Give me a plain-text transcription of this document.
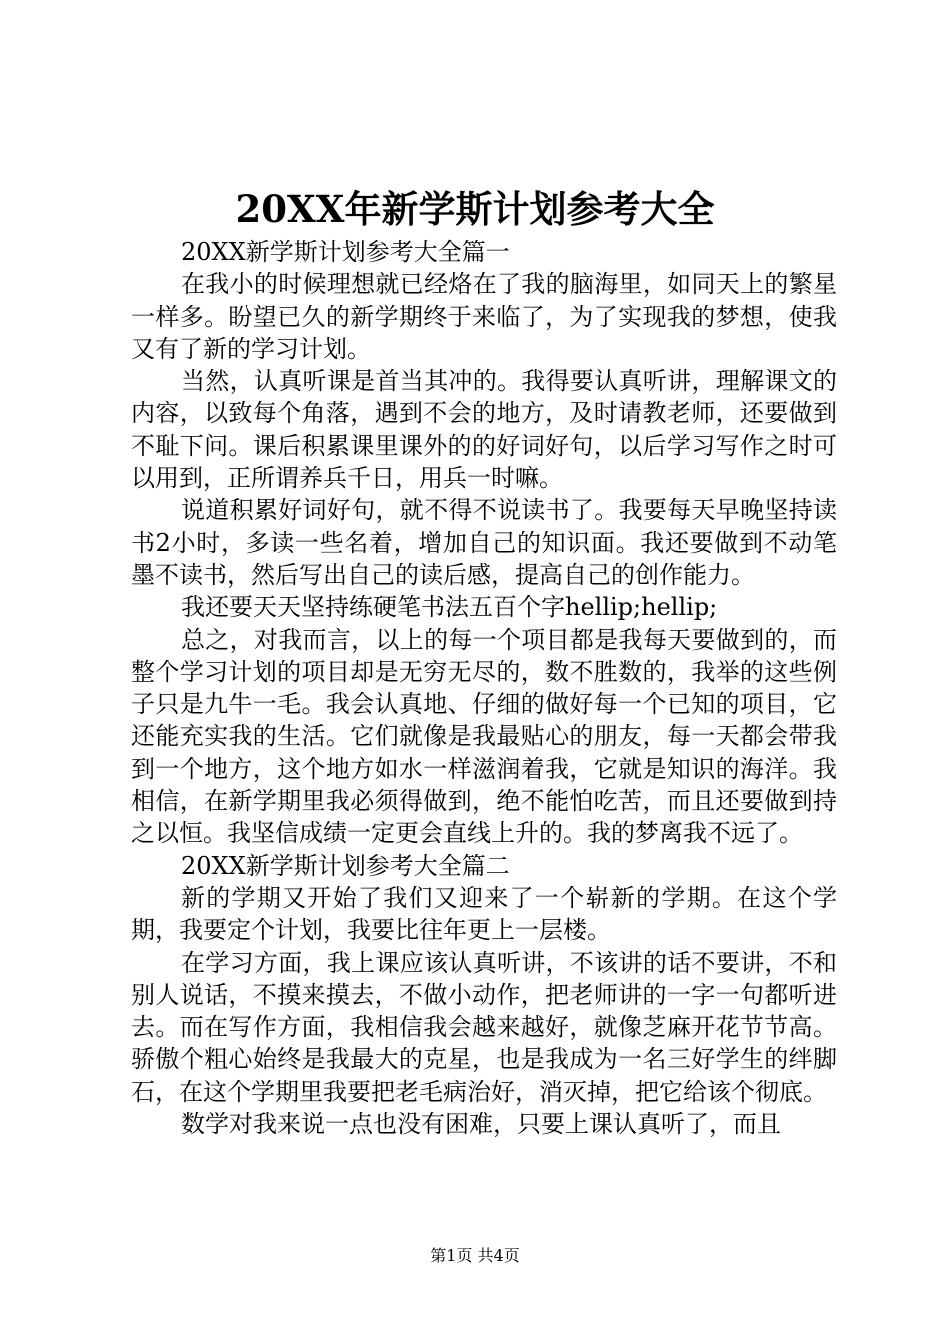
20XX年新学斯计划参考大全

20XX新学斯计划参考大全篇一

在我小的时候理想就已经烙在了我的脑海里，如同天上的繁星一样多。盼望已久的新学期终于来临了，为了实现我的梦想，使我又有了新的学习计划。

当然，认真听课是首当其冲的。我得要认真听讲，理解课文的内容，以致每个角落，遇到不会的地方，及时请教老师，还要做到不耻下问。课后积累课里课外的的好词好句，以后学习写作之时可以用到，正所谓养兵千日，用兵一时嘛。

说道积累好词好句，就不得不说读书了。我要每天早晚坚持读书2小时，多读一些名着，增加自己的知识面。我还要做到不动笔墨不读书，然后写出自己的读后感，提高自己的创作能力。

我还要天天坚持练硬笔书法五百个字hellip;hellip;

总之，对我而言，以上的每一个项目都是我每天要做到的，而整个学习计划的项目却是无穷无尽的，数不胜数的，我举的这些例子只是九牛一毛。我会认真地、仔细的做好每一个已知的项目，它还能充实我的生活。它们就像是我最贴心的朋友，每一天都会带我到一个地方，这个地方如水一样滋润着我，它就是知识的海洋。我相信，在新学期里我必须得做到，绝不能怕吃苦，而且还要做到持之以恒。我坚信成绩一定更会直线上升的。我的梦离我不远了。

20XX新学斯计划参考大全篇二

新的学期又开始了我们又迎来了一个崭新的学期。在这个学期，我要定个计划，我要比往年更上一层楼。

在学习方面，我上课应该认真听讲，不该讲的话不要讲，不和别人说话，不摸来摸去，不做小动作，把老师讲的一字一句都听进去。而在写作方面，我相信我会越来越好，就像芝麻开花节节高。骄傲个粗心始终是我最大的克星，也是我成为一名三好学生的绊脚石，在这个学期里我要把老毛病治好，消灭掉，把它给该个彻底。

数学对我来说一点也没有困难，只要上课认真听了，而且

第1页 共4页
